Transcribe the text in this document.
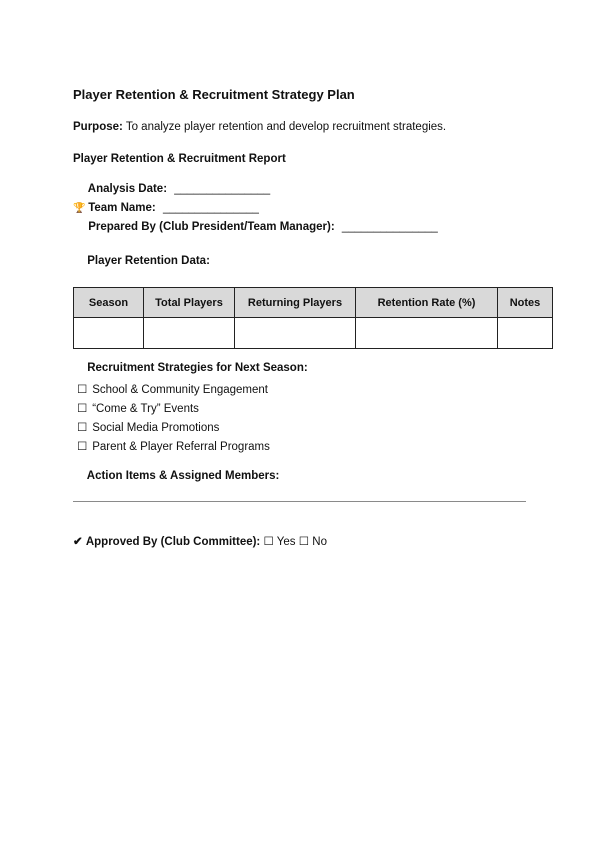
Player Retention & Recruitment Strategy Plan
Purpose: To analyze player retention and develop recruitment strategies.
Player Retention & Recruitment Report
Analysis Date: _______________
🏆 Team Name: _______________
Prepared By (Club President/Team Manager): _______________
Player Retention Data:
Season	Total Players	Returning Players	Retention Rate (%)	Notes

Recruitment Strategies for Next Season:
☐ School & Community Engagement
☐ “Come & Try” Events
☐ Social Media Promotions
☐ Parent & Player Referral Programs
Action Items & Assigned Members:
✔ Approved By (Club Committee): ☐ Yes ☐ No
